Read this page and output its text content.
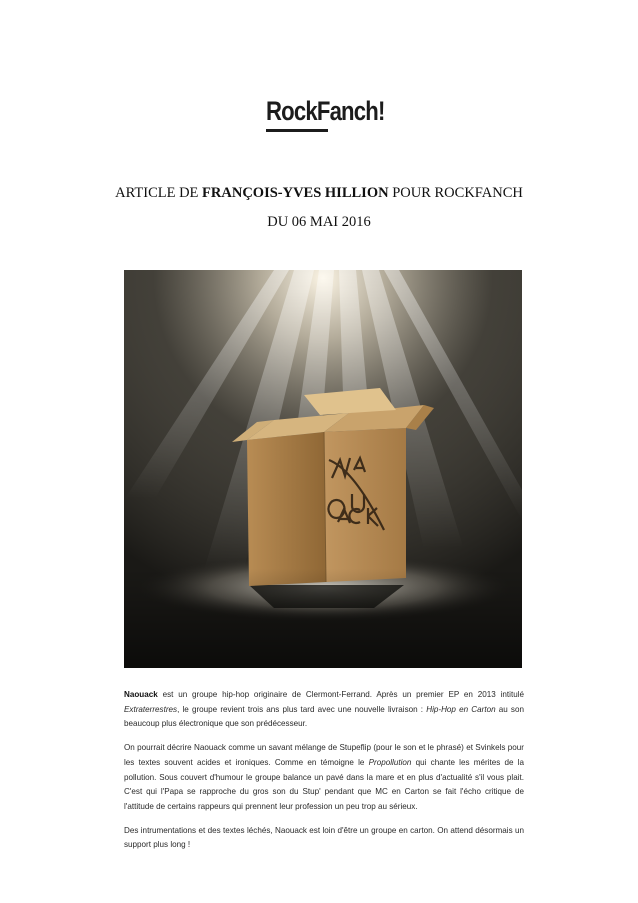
RockFanch!
ARTICLE DE FRANÇOIS-YVES HILLION POUR ROCKFANCH
DU 06 MAI 2016

Naouack est un groupe hip-hop originaire de Clermont-Ferrand. Après un premier EP en 2013 intitulé Extraterrestres, le groupe revient trois ans plus tard avec une nouvelle livraison : Hip-Hop en Carton au son beaucoup plus électronique que son prédécesseur.

On pourrait décrire Naouack comme un savant mélange de Stupeflip (pour le son et le phrasé) et Svinkels pour les textes souvent acides et ironiques. Comme en témoigne le Propollution qui chante les mérites de la pollution. Sous couvert d'humour le groupe balance un pavé dans la mare et en plus d'actualité s'il vous plait. C'est qui l'Papa se rapproche du gros son du Stup' pendant que MC en Carton se fait l'écho critique de l'attitude de certains rappeurs qui prennent leur profession un peu trop au sérieux.

Des intrumentations et des textes léchés, Naouack est loin d'être un groupe en carton. On attend désormais un support plus long !
